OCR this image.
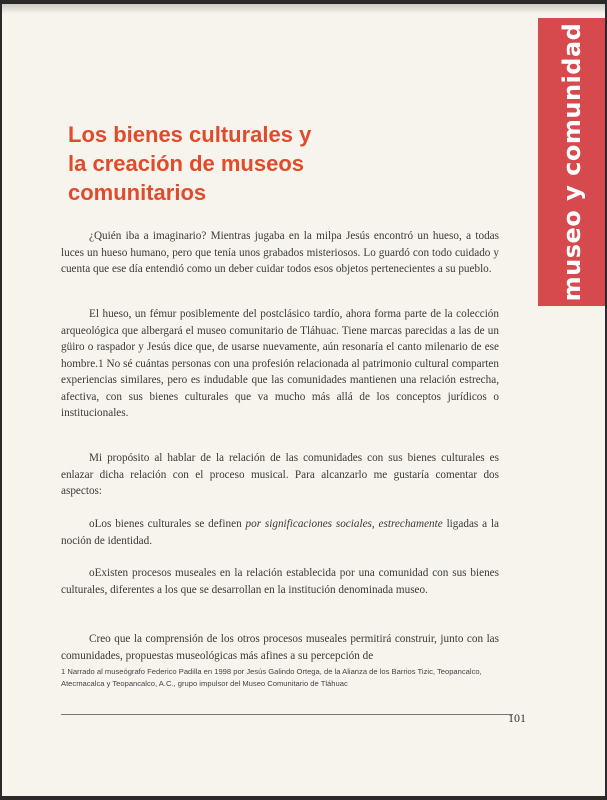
museo y comunidad
Los bienes culturales y
la creación de museos
comunitarios

¿Quién iba a imaginario? Mientras jugaba en la milpa Jesús encontró un hueso, a todas luces un hueso humano, pero que tenía unos grabados misteriosos. Lo guardó con todo cuidado y cuenta que ese día entendió como un deber cuidar todos esos objetos pertenecientes a su pueblo.

El hueso, un fémur posiblemente del postclásico tardío, ahora forma parte de la colección arqueológica que albergará el museo comunitario de Tláhuac. Tiene marcas parecidas a las de un güiro o raspador y Jesús dice que, de usarse nuevamente, aún resonaría el canto milenario de ese hombre.1 No sé cuántas personas con una profesión relacionada al patrimonio cultural comparten experiencias similares, pero es indudable que las comunidades mantienen una relación estrecha, afectiva, con sus bienes culturales que va mucho más allá de los conceptos jurídicos o institucionales.

Mi propósito al hablar de la relación de las comunidades con sus bienes culturales es enlazar dicha relación con el proceso musical. Para alcanzarlo me gustaría comentar dos aspectos:

oLos bienes culturales se definen por significaciones sociales, estrechamente ligadas a la noción de identidad.

oExisten procesos museales en la relación establecida por una comunidad con sus bienes culturales, diferentes a los que se desarrollan en la institución denominada museo.

Creo que la comprensión de los otros procesos museales permitirá construir, junto con las comunidades, propuestas museológicas más afines a su percepción de

1 Narrado al museógrafo Federico Padilla en 1998 por Jesús Galindo Ortega, de la Alianza de los Barrios Tizic, Teopancalco, Atecmacalca y Teopancalco, A.C., grupo impulsor del Museo Comunitario de Tláhuac

101
